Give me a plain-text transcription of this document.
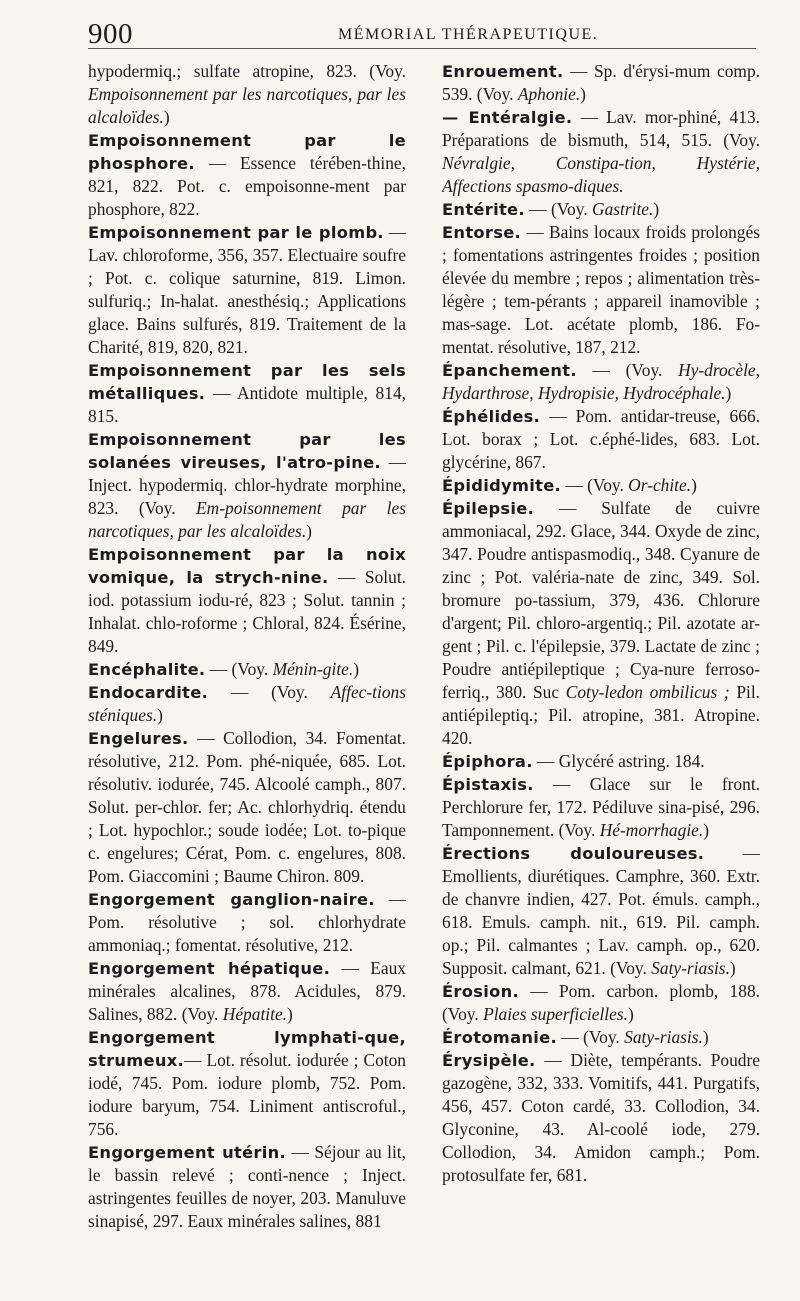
900	MÉMORIAL THÉRAPEUTIQUE.

hypodermiq.; sulfate atropine, 823. (Voy. Empoisonnement par les narcotiques, par les alcaloïdes.)

Empoisonnement par le phosphore. — Essence térében-thine, 821, 822. Pot. c. empoisonne-ment par phosphore, 822.

Empoisonnement par le plomb. — Lav. chloroforme, 356, 357. Electuaire soufre ; Pot. c. colique saturnine, 819. Limon. sulfuriq.; In-halat. anesthésiq.; Applications glace. Bains sulfurés, 819. Traitement de la Charité, 819, 820, 821.

Empoisonnement par les sels métalliques. — Antidote multiple, 814, 815.

Empoisonnement par les solanées vireuses, l'atro-pine. — Inject. hypodermiq. chlor-hydrate morphine, 823. (Voy. Em-poisonnement par les narcotiques, par les alcaloïdes.)

Empoisonnement par la noix vomique, la strych-nine. — Solut. iod. potassium iodu-ré, 823 ; Solut. tannin ; Inhalat. chlo-roforme ; Chloral, 824. Ésérine, 849.

Encéphalite. — (Voy. Ménin-gite.)

Endocardite. — (Voy. Affec-tions sténiques.)

Engelures. — Collodion, 34. Fomentat. résolutive, 212. Pom. phé-niquée, 685. Lot. résolutiv. iodurée, 745. Alcoolé camph., 807. Solut. per-chlor. fer; Ac. chlorhydriq. étendu ; Lot. hypochlor.; soude iodée; Lot. to-pique c. engelures; Cérat, Pom. c. engelures, 808. Pom. Giaccomini ; Baume Chiron. 809.

Engorgement ganglion-naire. — Pom. résolutive ; sol. chlorhydrate ammoniaq.; fomentat. résolutive, 212.

Engorgement hépatique. — Eaux minérales alcalines, 878. Acidules, 879. Salines, 882. (Voy. Hépatite.)

Engorgement lymphati-que, strumeux.— Lot. résolut. iodurée ; Coton iodé, 745. Pom. iodure plomb, 752. Pom. iodure baryum, 754. Liniment antiscroful., 756.

Engorgement utérin. — Séjour au lit, le bassin relevé ; conti-nence ; Inject. astringentes feuilles de noyer, 203. Manuluve sinapisé, 297. Eaux minérales salines, 881

Enrouement. — Sp. d'érysi-mum comp. 539. (Voy. Aphonie.)

— Entéralgie. — Lav. mor-phiné, 413. Préparations de bismuth, 514, 515. (Voy. Névralgie, Constipa-tion, Hystérie, Affections spasmo-diques.

Entérite. — (Voy. Gastrite.)

Entorse. — Bains locaux froids prolongés ; fomentations astringentes froides ; position élevée du membre ; repos ; alimentation très-légère ; tem-pérants ; appareil inamovible ; mas-sage. Lot. acétate plomb, 186. Fo-mentat. résolutive, 187, 212.

Épanchement. — (Voy. Hy-drocèle, Hydarthrose, Hydropisie, Hydrocéphale.)

Éphélides. — Pom. antidar-treuse, 666. Lot. borax ; Lot. c.éphé-lides, 683. Lot. glycérine, 867.

Épididymite. — (Voy. Or-chite.)

Épilepsie. — Sulfate de cuivre ammoniacal, 292. Glace, 344. Oxyde de zinc, 347. Poudre antispasmodiq., 348. Cyanure de zinc ; Pot. valéria-nate de zinc, 349. Sol. bromure po-tassium, 379, 436. Chlorure d'argent; Pil. chloro-argentiq.; Pil. azotate ar-gent ; Pil. c. l'épilepsie, 379. Lactate de zinc ; Poudre antiépileptique ; Cya-nure ferroso-ferriq., 380. Suc Coty-ledon ombilicus ; Pil. antiépileptiq.; Pil. atropine, 381. Atropine. 420.

Épiphora. — Glycéré astring. 184.

Épistaxis. — Glace sur le front. Perchlorure fer, 172. Pédiluve sina-pisé, 296. Tamponnement. (Voy. Hé-morrhagie.)

Érections douloureuses. — Emollients, diurétiques. Camphre, 360. Extr. de chanvre indien, 427. Pot. émuls. camph., 618. Emuls. camph. nit., 619. Pil. camph. op.; Pil. calmantes ; Lav. camph. op., 620. Supposit. calmant, 621. (Voy. Saty-riasis.)

Érosion. — Pom. carbon. plomb, 188. (Voy. Plaies superficielles.)

Érotomanie. — (Voy. Saty-riasis.)

Érysipèle. — Diète, tempérants. Poudre gazogène, 332, 333. Vomitifs, 441. Purgatifs, 456, 457. Coton cardé, 33. Collodion, 34. Glyconine, 43. Al-coolé iode, 279. Collodion, 34. Amidon camph.; Pom. protosulfate fer, 681.
